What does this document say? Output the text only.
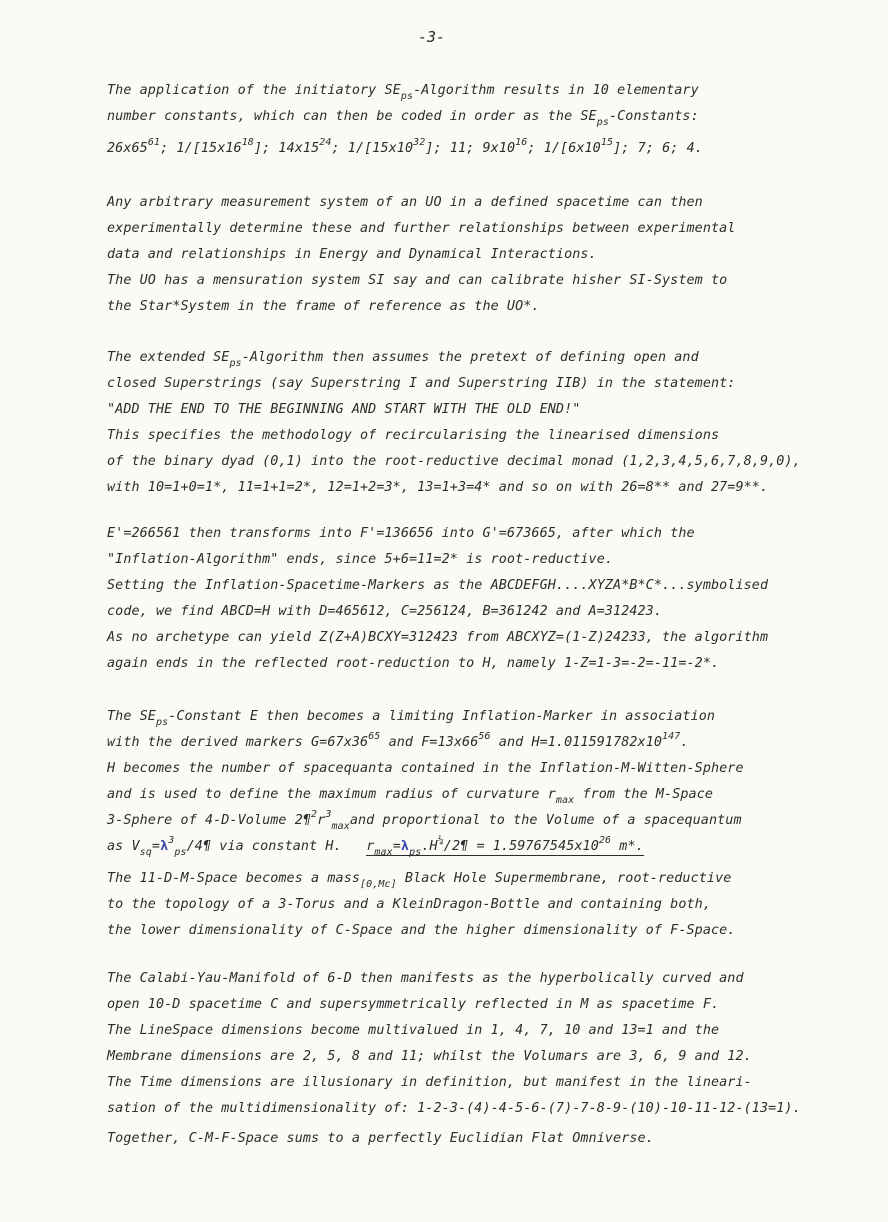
-3-
The application of the initiatory $SE_{ps}$-Algorithm results in 10 elementary
number constants, which can then be coded in order as the $SE_{ps}$-Constants:
$26x65^{61}$; $1/[15x16^{18}]$; $14x15^{24}$; $1/[15x10^{32}]$; 11; $9x10^{16}$; $1/[6x10^{15}]$; 7; 6; 4.
Any arbitrary measurement system of an UO in a defined spacetime can then
experimentally determine these and further relationships between experimental
data and relationships in Energy and Dynamical Interactions.
The UO has a mensuration system SI say and can calibrate hisher SI-System to
the Star*System in the frame of reference as the UO*.
The extended $SE_{ps}$-Algorithm then assumes the pretext of defining open and
closed Superstrings (say Superstring I and Superstring IIB) in the statement:
"ADD THE END TO THE BEGINNING AND START WITH THE OLD END!"
This specifies the methodology of recircularising the linearised dimensions
of the binary dyad (0,1) into the root-reductive decimal monad (1,2,3,4,5,6,7,8,9,0),
with 10=1+0=1*, 11=1+1=2*, 12=1+2=3*, 13=1+3=4* and so on with 26=8** and 27=9**.
E'=266561 then transforms into F'=136656 into G'=673665, after which the
"Inflation-Algorithm" ends, since 5+6=11=2* is root-reductive.
Setting the Inflation-Spacetime-Markers as the ABCDEFGH....XYZA*B*C*...symbolised
code, we find ABCD=H with D=465612, C=256124, B=361242 and A=312423.
As no archetype can yield Z(Z+A)BCXY=312423 from ABCXYZ=(1-Z)24233, the algorithm
again ends in the reflected root-reduction to H, namely 1-Z=1-3=-2=-11=-2*.
The $SE_{ps}$-Constant E then becomes a limiting Inflation-Marker in association
with the derived markers $G=67x36^{65}$ and $F=13x66^{56}$ and $H=1.011591782x10^{147}$.
H becomes the number of spacequanta contained in the Inflation-M-Witten-Sphere
and is used to define the maximum radius of curvature $r_{max}$ from the M-Space
3-Sphere of 4-D-Volume $2\P^2r^3_{max}and$ proportional to the Volume of a spacequantum
as $V_{sq}=\lambda^3_{ps}/4\P$ via constant H. $r_{max}=\lambda_{ps}.H^{\frac{1}{4}}/2\P = 1.59767545x10^{26}$ m*.
The 11-D-M-Space becomes a mass$_{[0,Mc]}$ Black Hole Supermembrane, root-reductive
to the topology of a 3-Torus and a KleinDragon-Bottle and containing both,
the lower dimensionality of C-Space and the higher dimensionality of F-Space.
The Calabi-Yau-Manifold of 6-D then manifests as the hyperbolically curved and
open 10-D spacetime C and supersymmetrically reflected in M as spacetime F.
The LineSpace dimensions become multivalued in 1, 4, 7, 10 and 13=1 and the
Membrane dimensions are 2, 5, 8 and 11; whilst the Volumars are 3, 6, 9 and 12.
The Time dimensions are illusionary in definition, but manifest in the lineari-
sation of the multidimensionality of: 1-2-3-(4)-4-5-6-(7)-7-8-9-(10)-10-11-12-(13=1).
Together, C-M-F-Space sums to a perfectly Euclidian Flat Omniverse.
